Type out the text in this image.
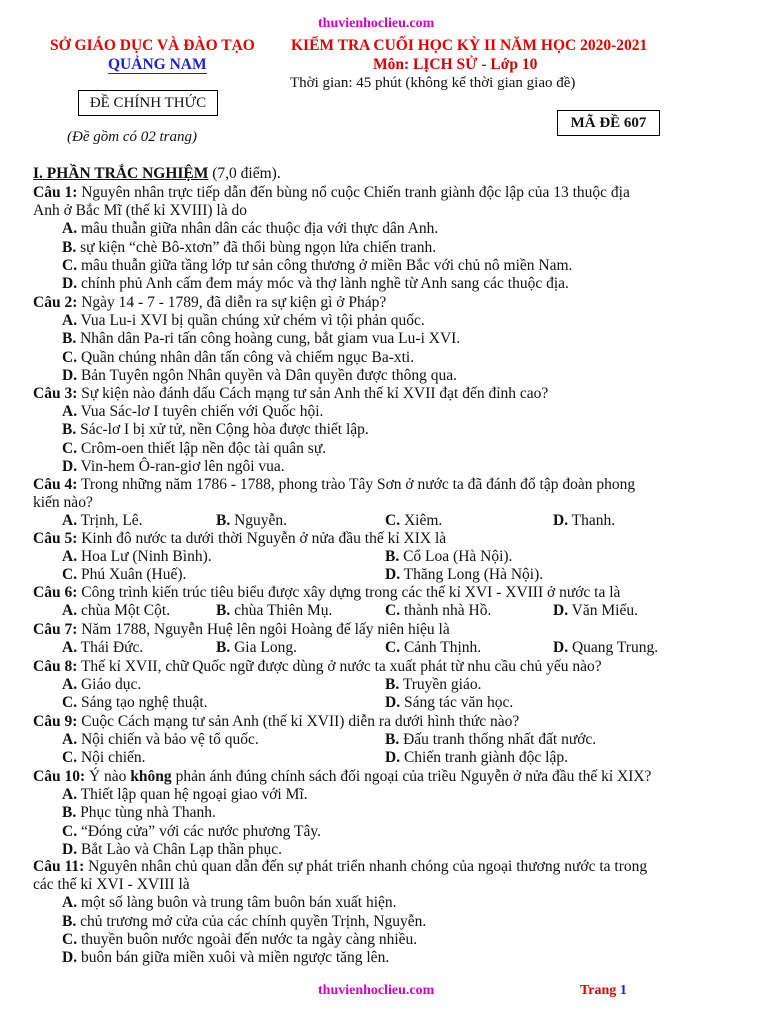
thuvienhoclieu.com
SỞ GIÁO DỤC VÀ ĐÀO TẠO
QUẢNG NAM
KIỂM TRA CUỐI HỌC KỲ II NĂM HỌC 2020-2021
Môn: LỊCH SỬ - Lớp 10
Thời gian: 45 phút (không kể thời gian giao đề)
ĐỀ CHÍNH THỨC
(Đề gồm có 02 trang)
MÃ ĐỀ 607
I. PHẦN TRẮC NGHIỆM (7,0 điểm).
Câu 1: Nguyên nhân trực tiếp dẫn đến bùng nổ cuộc Chiến tranh giành độc lập của 13 thuộc địa
Anh ở Bắc Mĩ (thế kỉ XVIII) là do
A. mâu thuẫn giữa nhân dân các thuộc địa với thực dân Anh.
B. sự kiện “chè Bô-xtơn” đã thổi bùng ngọn lửa chiến tranh.
C. mâu thuẫn giữa tầng lớp tư sản công thương ở miền Bắc với chủ nô miền Nam.
D. chính phủ Anh cấm đem máy móc và thợ lành nghề từ Anh sang các thuộc địa.
Câu 2: Ngày 14 - 7 - 1789, đã diễn ra sự kiện gì ở Pháp?
A. Vua Lu-i XVI bị quần chúng xử chém vì tội phản quốc.
B. Nhân dân Pa-ri tấn công hoàng cung, bắt giam vua Lu-i XVI.
C. Quần chúng nhân dân tấn công và chiếm ngục Ba-xti.
D. Bản Tuyên ngôn Nhân quyền và Dân quyền được thông qua.
Câu 3: Sự kiện nào đánh dấu Cách mạng tư sản Anh thế kỉ XVII đạt đến đỉnh cao?
A. Vua Sác-lơ I tuyên chiến với Quốc hội.
B. Sác-lơ I bị xử tử, nền Cộng hòa được thiết lập.
C. Crôm-oen thiết lập nền độc tài quân sự.
D. Vin-hem Ô-ran-giơ lên ngôi vua.
Câu 4: Trong những năm 1786 - 1788, phong trào Tây Sơn ở nước ta đã đánh đổ tập đoàn phong
kiến nào?
A. Trịnh, Lê.	B. Nguyễn.	C. Xiêm.	D. Thanh.
Câu 5: Kinh đô nước ta dưới thời Nguyễn ở nửa đầu thế kỉ XIX là
A. Hoa Lư (Ninh Bình).	B. Cổ Loa (Hà Nội).
C. Phú Xuân (Huế).	D. Thăng Long (Hà Nội).
Câu 6: Công trình kiến trúc tiêu biểu được xây dựng trong các thế kỉ XVI - XVIII ở nước ta là
A. chùa Một Cột.	B. chùa Thiên Mụ.	C. thành nhà Hồ.	D. Văn Miếu.
Câu 7: Năm 1788, Nguyễn Huệ lên ngôi Hoàng đế lấy niên hiệu là
A. Thái Đức.	B. Gia Long.	C. Cảnh Thịnh.	D. Quang Trung.
Câu 8: Thế kỉ XVII, chữ Quốc ngữ được dùng ở nước ta xuất phát từ nhu cầu chủ yếu nào?
A. Giáo dục.	B. Truyền giáo.
C. Sáng tạo nghệ thuật.	D. Sáng tác văn học.
Câu 9: Cuộc Cách mạng tư sản Anh (thế kỉ XVII) diễn ra dưới hình thức nào?
A. Nội chiến và bảo vệ tổ quốc.	B. Đấu tranh thống nhất đất nước.
C. Nội chiến.	D. Chiến tranh giành độc lập.
Câu 10: Ý nào không phản ánh đúng chính sách đối ngoại của triều Nguyễn ở nửa đầu thế kỉ XIX?
A. Thiết lập quan hệ ngoại giao với Mĩ.
B. Phục tùng nhà Thanh.
C. “Đóng cửa” với các nước phương Tây.
D. Bắt Lào và Chân Lạp thần phục.
Câu 11: Nguyên nhân chủ quan dẫn đến sự phát triển nhanh chóng của ngoại thương nước ta trong
các thế kỉ XVI - XVIII là
A. một số làng buôn và trung tâm buôn bán xuất hiện.
B. chủ trương mở cửa của các chính quyền Trịnh, Nguyễn.
C. thuyền buôn nước ngoài đến nước ta ngày càng nhiều.
D. buôn bán giữa miền xuôi và miền ngược tăng lên.
thuvienhoclieu.com	Trang 1
